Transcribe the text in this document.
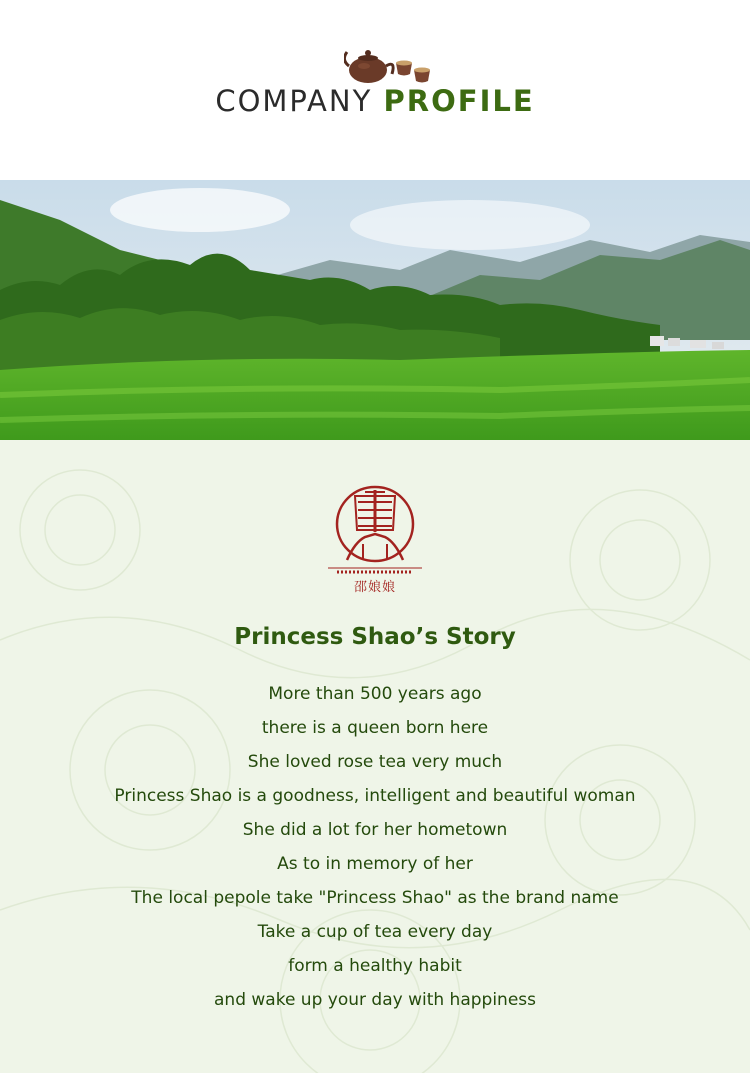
COMPANY PROFILE
邵娘娘
Princess Shao’s Story
More than 500 years ago
there is a queen born here
She loved rose tea very much
Princess Shao is a goodness, intelligent and beautiful woman
She did a lot for her hometown
As to in memory of her
The local pepole take "Princess Shao" as the brand name
Take a cup of tea every day
form a healthy habit
and wake up your day with happiness
